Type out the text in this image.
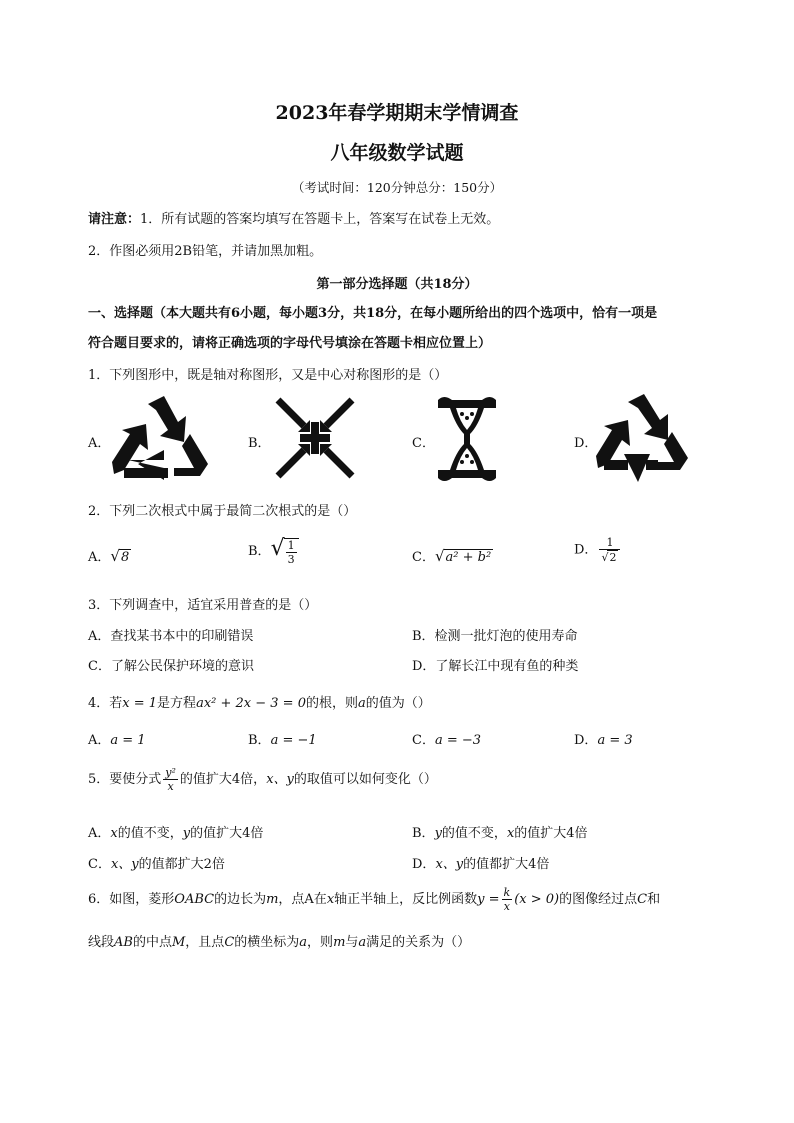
2023年春学期期末学情调查
八年级数学试题
（考试时间：120分钟总分：150分）
请注意：1．所有试题的答案均填写在答题卡上，答案写在试卷上无效。
2．作图必须用2B铅笔，并请加黑加粗。
第一部分选择题（共18分）
一、选择题（本大题共有6小题，每小题3分，共18分，在每小题所给出的四个选项中，恰有一项是
符合题目要求的，请将正确选项的字母代号填涂在答题卡相应位置上）
1．下列图形中，既是轴对称图形，又是中心对称图形的是（）
A．	B．	C．	D．
2．下列二次根式中属于最简二次根式的是（）
A．√8	B．√ $\frac{1}{3}$	C．√a² + b²	D． $\frac{1}{√2}$
3．下列调查中，适宜采用普查的是（）
A．查找某书本中的印刷错误	B．检测一批灯泡的使用寿命
C．了解公民保护环境的意识	D．了解长江中现有鱼的种类
4．若x = 1是方程ax² + 2x − 3 = 0的根，则a的值为（）
A．a = 1	B．a = −1	C．a = −3	D．a = 3
5．要使分式 $\frac{\text{y²}}{x}$ 的值扩大4倍，x、y的取值可以如何变化（）
A．x的值不变，y的值扩大4倍	B．y的值不变，x的值扩大4倍
C．x、y的值都扩大2倍	D．x、y的值都扩大4倍
6．如图，菱形OABC的边长为m，点A在x轴正半轴上，反比例函数$y = \frac{k}{x} (x > 0)$的图像经过点C和
线段AB的中点M，且点C的横坐标为a，则m与a满足的关系为（）
